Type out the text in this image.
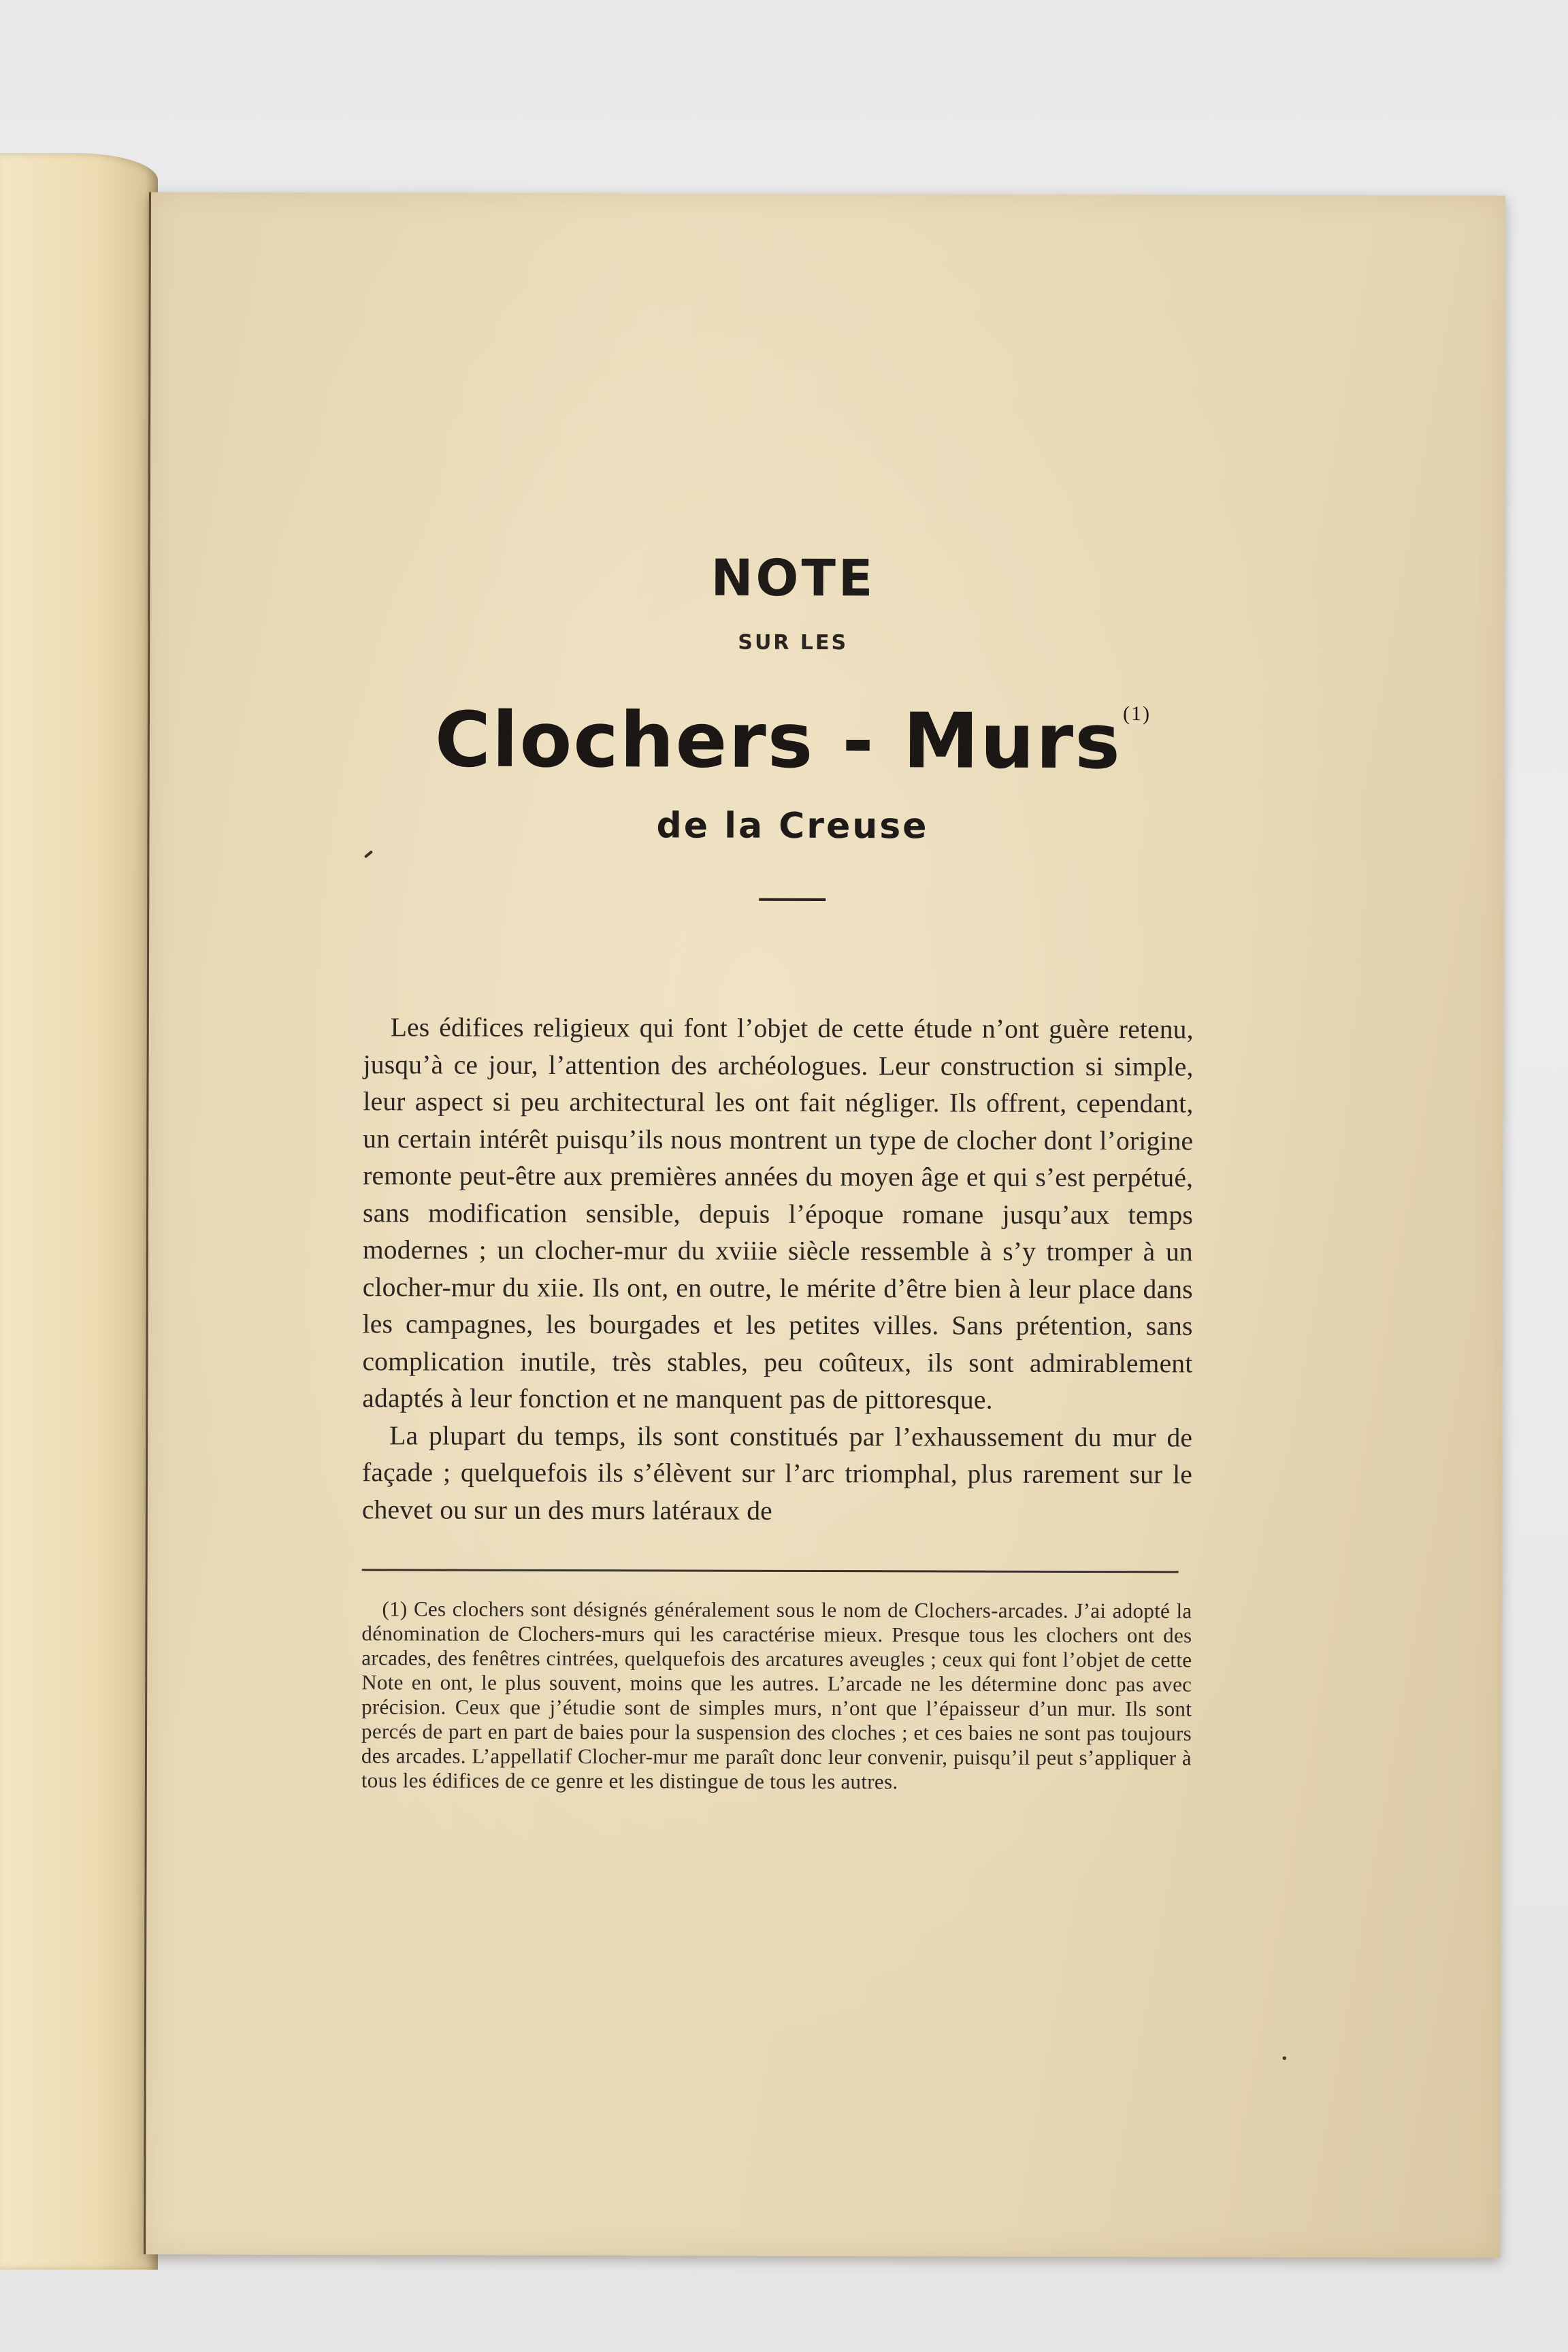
NOTE
SUR LES
Clochers - Murs$^{(1)}$
de la Creuse

Les édifices religieux qui font l’objet de cette étude n’ont guère retenu, jusqu’à ce jour, l’attention des archéologues. Leur construction si simple, leur aspect si peu architectural les ont fait négliger. Ils offrent, cependant, un certain intérêt puisqu’ils nous montrent un type de clocher dont l’origine remonte peut-être aux premières années du moyen âge et qui s’est perpétué, sans modification sensible, depuis l’époque romane jusqu’aux temps modernes ; un clocher-mur du xviiie siècle ressemble à s’y tromper à un clocher-mur du xiie. Ils ont, en outre, le mérite d’être bien à leur place dans les campagnes, les bourgades et les petites villes. Sans prétention, sans complication inutile, très stables, peu coûteux, ils sont admirablement adaptés à leur fonction et ne manquent pas de pittoresque.

La plupart du temps, ils sont constitués par l’exhaussement du mur de façade ; quelquefois ils s’élèvent sur l’arc triomphal, plus rarement sur le chevet ou sur un des murs latéraux de

(1) Ces clochers sont désignés généralement sous le nom de Clochers-arcades. J’ai adopté la dénomination de Clochers-murs qui les caractérise mieux. Presque tous les clochers ont des arcades, des fenêtres cintrées, quelquefois des arcatures aveugles ; ceux qui font l’objet de cette Note en ont, le plus souvent, moins que les autres. L’arcade ne les détermine donc pas avec précision. Ceux que j’étudie sont de simples murs, n’ont que l’épaisseur d’un mur. Ils sont percés de part en part de baies pour la suspension des cloches ; et ces baies ne sont pas toujours des arcades. L’appellatif Clocher-mur me paraît donc leur convenir, puisqu’il peut s’appliquer à tous les édifices de ce genre et les distingue de tous les autres.
